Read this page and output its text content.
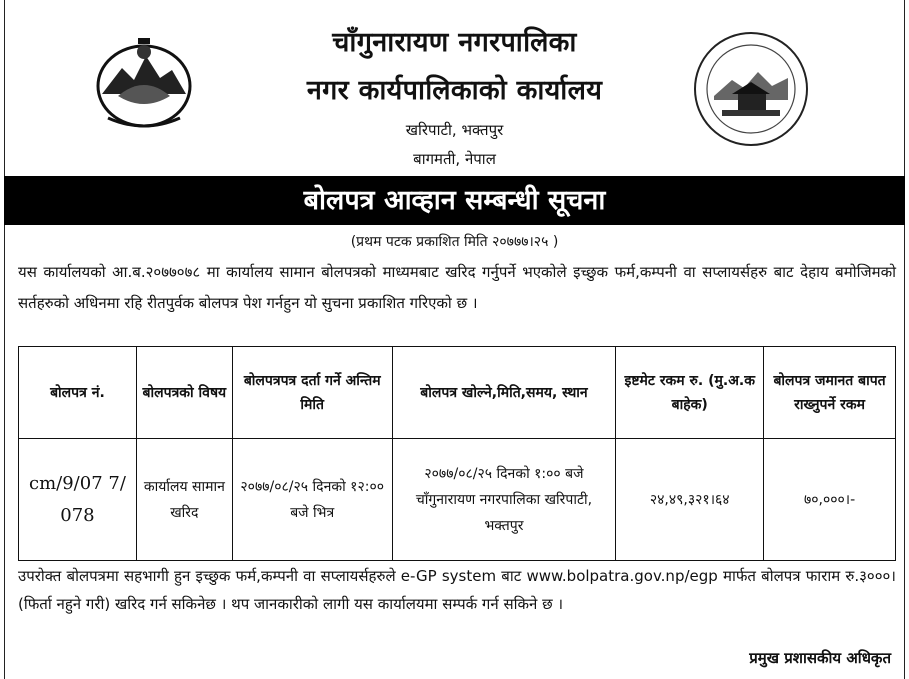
चाँगुनारायण नगरपालिका
नगर कार्यपालिकाको कार्यालय
खरिपाटी, भक्तपुर
बागमती, नेपाल
बोलपत्र आव्हान सम्बन्धी सूचना
(प्रथम पटक प्रकाशित मिति २०७७७।२५ )
यस कार्यालयको आ.ब.२०७७०७८ मा कार्यालय सामान बोलपत्रको माध्यमबाट खरिद गर्नुपर्ने भएकोले इच्छुक फर्म,कम्पनी वा सप्लायर्सहरु बाट देहाय बमोजिमको सर्तहरुको अधिनमा रहि रीतपुर्वक बोलपत्र पेश गर्नहुन यो सुचना प्रकाशित गरिएको छ ।
बोलपत्र नं.	बोलपत्रको विषय	बोलपत्रपत्र दर्ता गर्ने अन्तिम मिति	बोलपत्र खोल्ने,मिति,समय, स्थान	इष्टमेट रकम रु. (मु.अ.क बाहेक)	बोलपत्र जमानत बापत राख्नुपर्ने रकम
cm/9/07 7/ 078	कार्यालय सामान खरिद	२०७७/०८/२५ दिनको १२:०० बजे भित्र	२०७७/०८/२५ दिनको १:०० बजे चाँगुनारायण नगरपालिका खरिपाटी, भक्तपुर	२४,४९,३२१।६४	७०,०००।-
उपरोक्त बोलपत्रमा सहभागी हुन इच्छुक फर्म,कम्पनी वा सप्लायर्सहरुले e-GP system बाट www.bolpatra.gov.np/egp मार्फत बोलपत्र फाराम रु.३०००। (फिर्ता नहुने गरी) खरिद गर्न सकिनेछ । थप जानकारीको लागी यस कार्यालयमा सम्पर्क गर्न सकिने छ ।
प्रमुख प्रशासकीय अधिकृत
